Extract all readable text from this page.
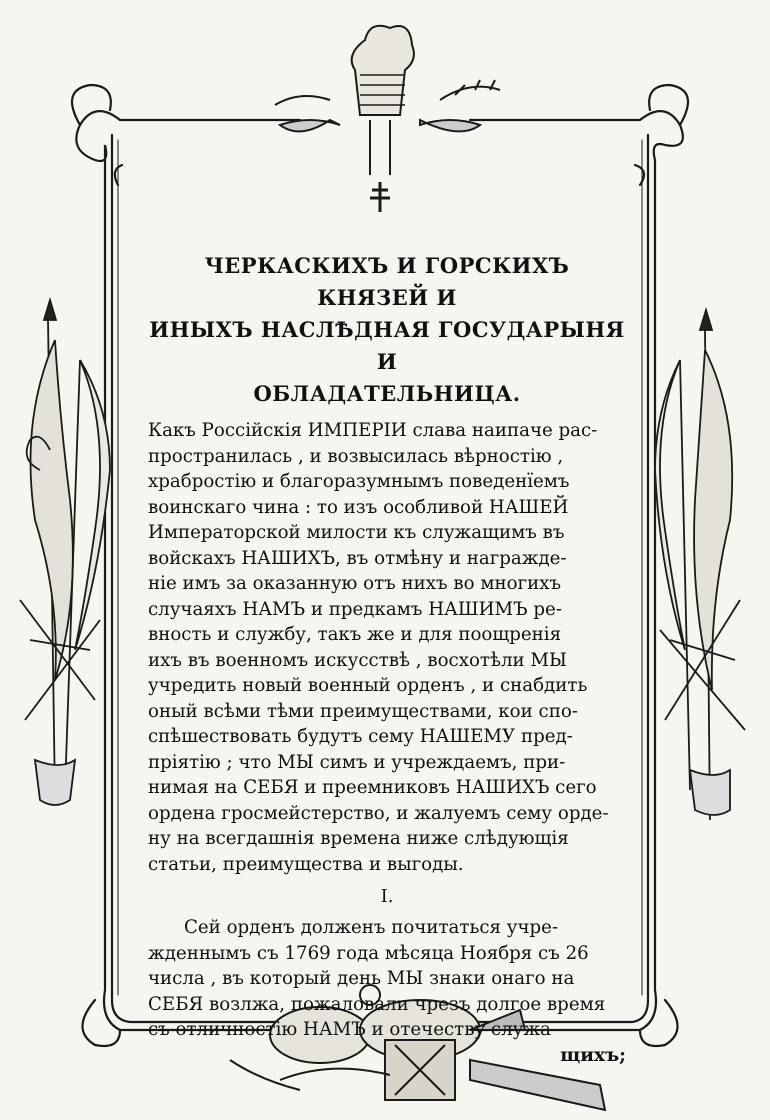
ЧЕРКАСКИХЪ И ГОРСКИХЪ КНЯЗЕЙ И
ИНЫХЪ НАСЛѢДНАЯ ГОСУДАРЫНЯ И
ОБЛАДАТЕЛЬНИЦА.
Какъ Россійскія ИМПЕРІИ слава наипаче рас-
пространилась , и возвысилась вѣрностію ,
храбростію и благоразумнымъ поведенїемъ
воинскаго чина : то изъ особливой НАШЕЙ
Императорской милости къ служащимъ въ
войскахъ НАШИХЪ, въ отмѣну и награжде-
ніе имъ за оказанную отъ нихъ во многихъ
случаяхъ НАМЪ и предкамъ НАШИМЪ ре-
вность и службу, такъ же и для поощренія
ихъ въ военномъ искусствѣ , восхотѣли МЫ
учредить новый военный орденъ , и снабдить
оный всѣми тѣми преимуществами, кои спо-
спѣшествовать будутъ сему НАШЕМУ пред-
пріятію ; что МЫ симъ и учреждаемъ, при-
нимая на СЕБЯ и преемниковъ НАШИХЪ сего
ордена гросмейстерство, и жалуемъ сему орде-
ну на всегдашнія времена ниже слѣдующія
статьи, преимущества и выгоды.
I.
Сей орденъ долженъ почитаться учре-
жденнымъ съ 1769 года мѣсяца Ноября съ 26
числа , въ который день МЫ знаки онаго на
СЕБЯ возлжа, пожаловали чрезъ долгое время
съ отличностію НАМЪ и отечеству служа-
щихъ;
